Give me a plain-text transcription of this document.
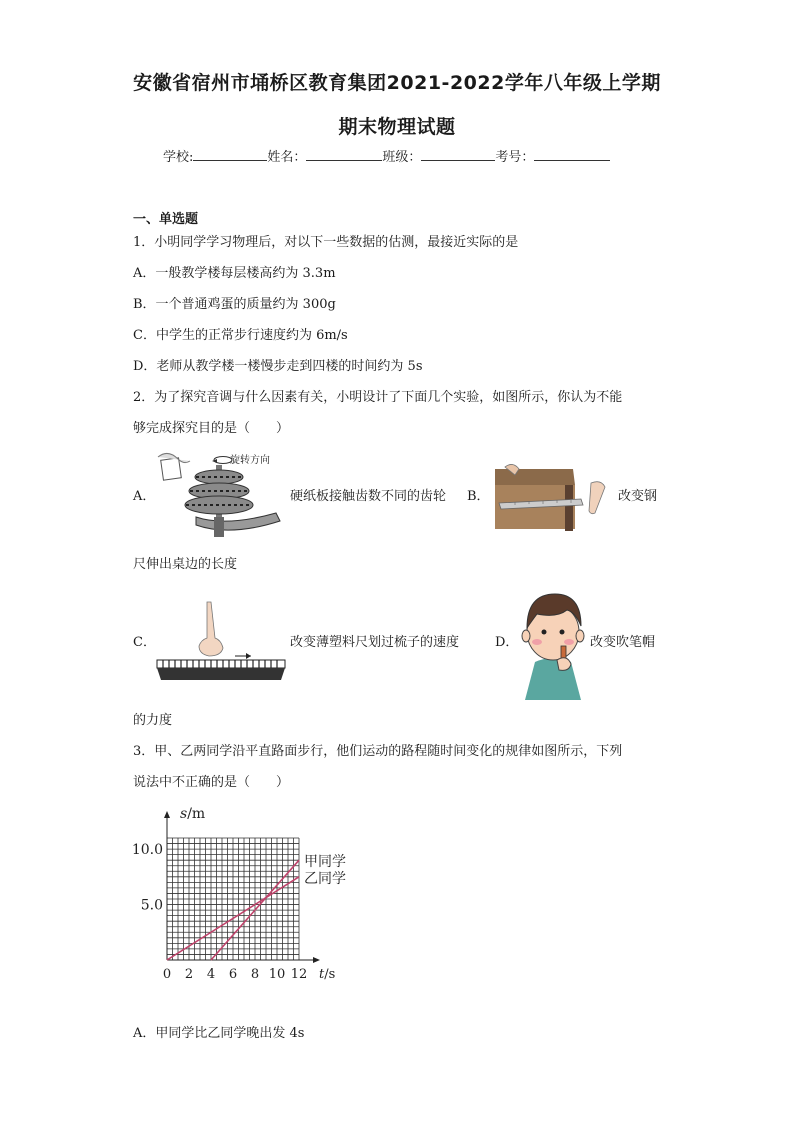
安徽省宿州市埇桥区教育集团2021-2022学年八年级上学期
期末物理试题
学校:	姓名：	班级：	考号：
一、单选题
1．小明同学学习物理后，对以下一些数据的估测，最接近实际的是
A．一般教学楼每层楼高约为 3.3m
B．一个普通鸡蛋的质量约为 300g
C．中学生的正常步行速度约为 6m/s
D．老师从教学楼一楼慢步走到四楼的时间约为 5s
2．为了探究音调与什么因素有关，小明设计了下面几个实验，如图所示，你认为不能
够完成探究目的是（　　）
A．
旋转方向
硬纸板接触齿数不同的齿轮 B．	改变钢
尺伸出桌边的长度
C．	改变薄塑料尺划过梳子的速度	D．	改变吹笔帽
的力度
3．甲、乙两同学沿平直路面步行，他们运动的路程随时间变化的规律如图所示，下列
说法中不正确的是（　　）
0 2 4 6 8 10 12
5.0
10.0
甲同学
乙同学
s/m
t/s
A．甲同学比乙同学晚出发 4s
